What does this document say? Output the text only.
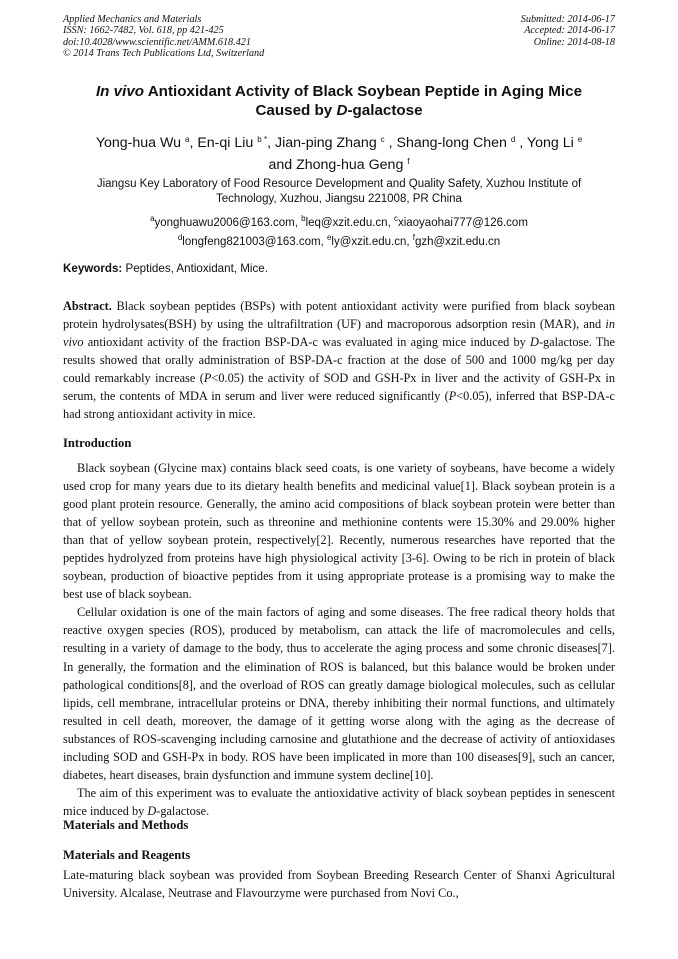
Applied Mechanics and Materials
ISSN: 1662-7482, Vol. 618, pp 421-425
doi:10.4028/www.scientific.net/AMM.618.421
© 2014 Trans Tech Publications Ltd, Switzerland
Submitted: 2014-06-17
Accepted: 2014-06-17
Online: 2014-08-18
In vivo Antioxidant Activity of Black Soybean Peptide in Aging Mice
Caused by D-galactose
Yong-hua Wu $^a$, En-qi Liu $^{b *}$, Jian-ping Zhang $^c$ , Shang-long Chen $^d$ , Yong Li $^e$
and Zhong-hua Geng $^f$
Jiangsu Key Laboratory of Food Resource Development and Quality Safety, Xuzhou Institute of
Technology, Xuzhou, Jiangsu 221008, PR China
$^a$yonghuawu2006@163.com, $^b$leq@xzit.edu.cn, $^c$xiaoyaohai777@126.com
$^d$longfeng821003@163.com, $^e$ly@xzit.edu.cn, $^f$gzh@xzit.edu.cn
Keywords: Peptides, Antioxidant, Mice.
Abstract. Black soybean peptides (BSPs) with potent antioxidant activity were purified from black soybean protein hydrolysates(BSH) by using the ultrafiltration (UF) and macroporous adsorption resin (MAR), and in vivo antioxidant activity of the fraction BSP-DA-c was evaluated in aging mice induced by D-galactose. The results showed that orally administration of BSP-DA-c fraction at the dose of 500 and 1000 mg/kg per day could remarkably increase (P<0.05) the activity of SOD and GSH-Px in liver and the activity of GSH-Px in serum, the contents of MDA in serum and liver were reduced significantly (P<0.05), inferred that BSP-DA-c had strong antioxidant activity in mice.
Introduction

Black soybean (Glycine max) contains black seed coats, is one variety of soybeans, have become a widely used crop for many years due to its dietary health benefits and medicinal value[1]. Black soybean protein is a good plant protein resource. Generally, the amino acid compositions of black soybean protein were better than that of yellow soybean protein, such as threonine and methionine contents were 15.30% and 29.00% higher than that of yellow soybean protein, respectively[2]. Recently, numerous researches have reported that the peptides hydrolyzed from proteins have high physiological activity [3-6]. Owing to be rich in protein of black soybean, production of bioactive peptides from it using appropriate protease is a promising way to make the best use of black soybean.

Cellular oxidation is one of the main factors of aging and some diseases. The free radical theory holds that reactive oxygen species (ROS), produced by metabolism, can attack the life of macromolecules and cells, resulting in a variety of damage to the body, thus to accelerate the aging process and some chronic diseases[7]. In generally, the formation and the elimination of ROS is balanced, but this balance would be broken under pathological conditions[8], and the overload of ROS can greatly damage biological molecules, such as cellular lipids, cell membrane, intracellular proteins or DNA, thereby inhibiting their normal functions, and ultimately resulted in cell death, moreover, the damage of it getting worse along with the aging as the decrease of substances of ROS-scavenging including carnosine and glutathione and the decrease of activity of antioxidases including SOD and GSH-Px in body. ROS have been implicated in more than 100 diseases[9], such an cancer, diabetes, heart diseases, brain dysfunction and immune system decline[10].

The aim of this experiment was to evaluate the antioxidative activity of black soybean peptides in senescent mice induced by D-galactose.

Materials and Methods
Materials and Reagents

Late-maturing black soybean was provided from Soybean Breeding Research Center of Shanxi Agricultural University. Alcalase, Neutrase and Flavourzyme were purchased from Novi Co.,
